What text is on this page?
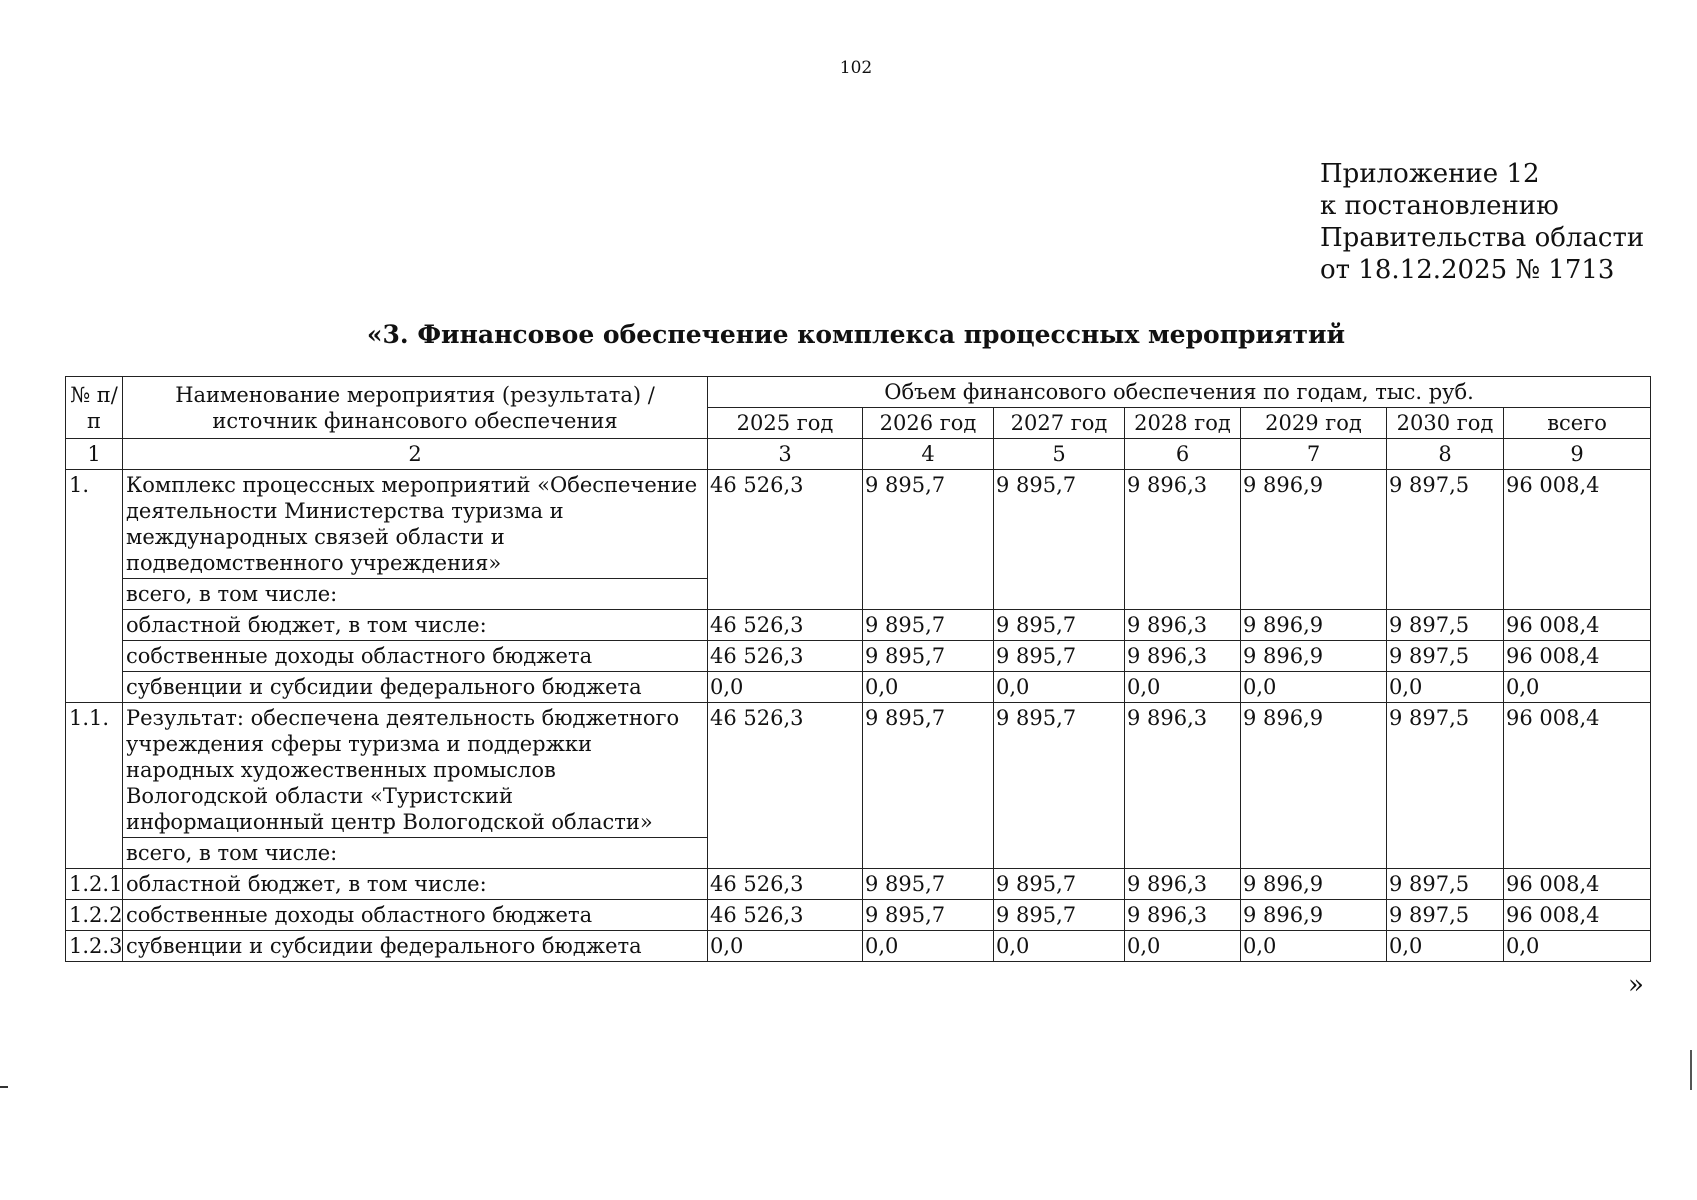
102
Приложение 12
к постановлению
Правительства области
от 18.12.2025 № 1713
«3. Финансовое обеспечение комплекса процессных мероприятий
№ п/п	Наименование мероприятия (результата) / источник финансового обеспечения	Объем финансового обеспечения по годам, тыс. руб.						
		2025 год	2026 год	2027 год	2028 год	2029 год	2030 год	всего
1	2	3	4	5	6	7	8	9
1.	Комплекс процессных мероприятий «Обеспечение деятельности Министерства туризма и международных связей области и подведомственного учреждения»	46 526,3	9 895,7	9 895,7	9 896,3	9 896,9	9 897,5	96 008,4
	всего, в том числе:							
	областной бюджет, в том числе:	46 526,3	9 895,7	9 895,7	9 896,3	9 896,9	9 897,5	96 008,4
	собственные доходы областного бюджета	46 526,3	9 895,7	9 895,7	9 896,3	9 896,9	9 897,5	96 008,4
	субвенции и субсидии федерального бюджета	0,0	0,0	0,0	0,0	0,0	0,0	0,0
1.1.	Результат: обеспечена деятельность бюджетного учреждения сферы туризма и поддержки народных художественных промыслов Вологодской области «Туристский информационный центр Вологодской области»	46 526,3	9 895,7	9 895,7	9 896,3	9 896,9	9 897,5	96 008,4
	всего, в том числе:							
1.2.1	областной бюджет, в том числе:	46 526,3	9 895,7	9 895,7	9 896,3	9 896,9	9 897,5	96 008,4
1.2.2	собственные доходы областного бюджета	46 526,3	9 895,7	9 895,7	9 896,3	9 896,9	9 897,5	96 008,4
1.2.3	субвенции и субсидии федерального бюджета	0,0	0,0	0,0	0,0	0,0	0,0	0,0
»
